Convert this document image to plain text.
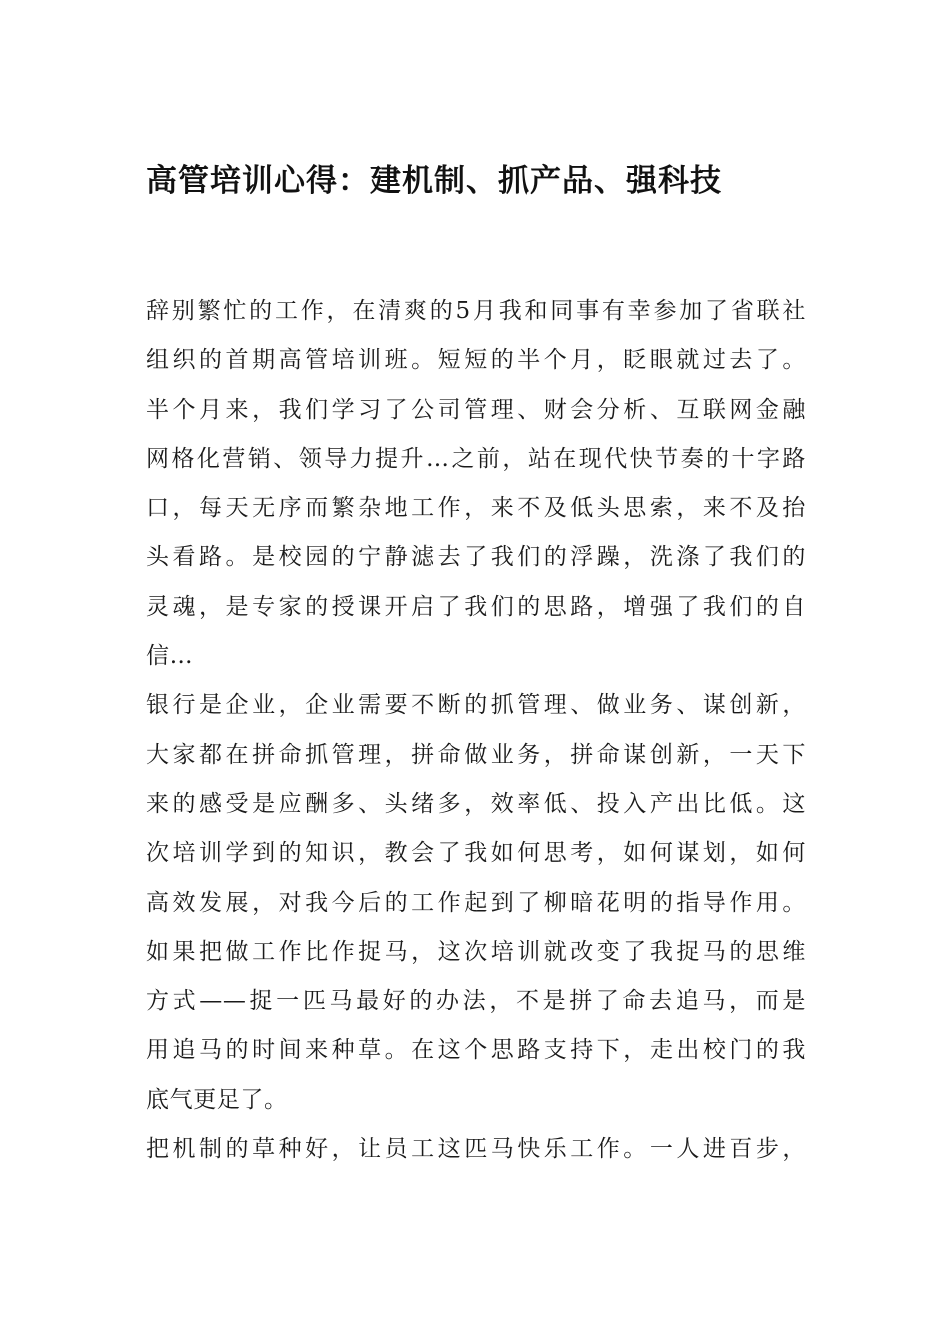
高管培训心得：建机制、抓产品、强科技
辞别繁忙的工作，在清爽的5月我和同事有幸参加了省联社
组织的首期高管培训班。短短的半个月，眨眼就过去了。
半个月来，我们学习了公司管理、财会分析、互联网金融
网格化营销、领导力提升…之前，站在现代快节奏的十字路
口，每天无序而繁杂地工作，来不及低头思索，来不及抬
头看路。是校园的宁静滤去了我们的浮躁，洗涤了我们的
灵魂，是专家的授课开启了我们的思路，增强了我们的自
信…
银行是企业，企业需要不断的抓管理、做业务、谋创新，
大家都在拼命抓管理，拼命做业务，拼命谋创新，一天下
来的感受是应酬多、头绪多，效率低、投入产出比低。这
次培训学到的知识，教会了我如何思考，如何谋划，如何
高效发展，对我今后的工作起到了柳暗花明的指导作用。
如果把做工作比作捉马，这次培训就改变了我捉马的思维
方式——捉一匹马最好的办法，不是拼了命去追马，而是
用追马的时间来种草。在这个思路支持下，走出校门的我
底气更足了。
把机制的草种好，让员工这匹马快乐工作。一人进百步，
